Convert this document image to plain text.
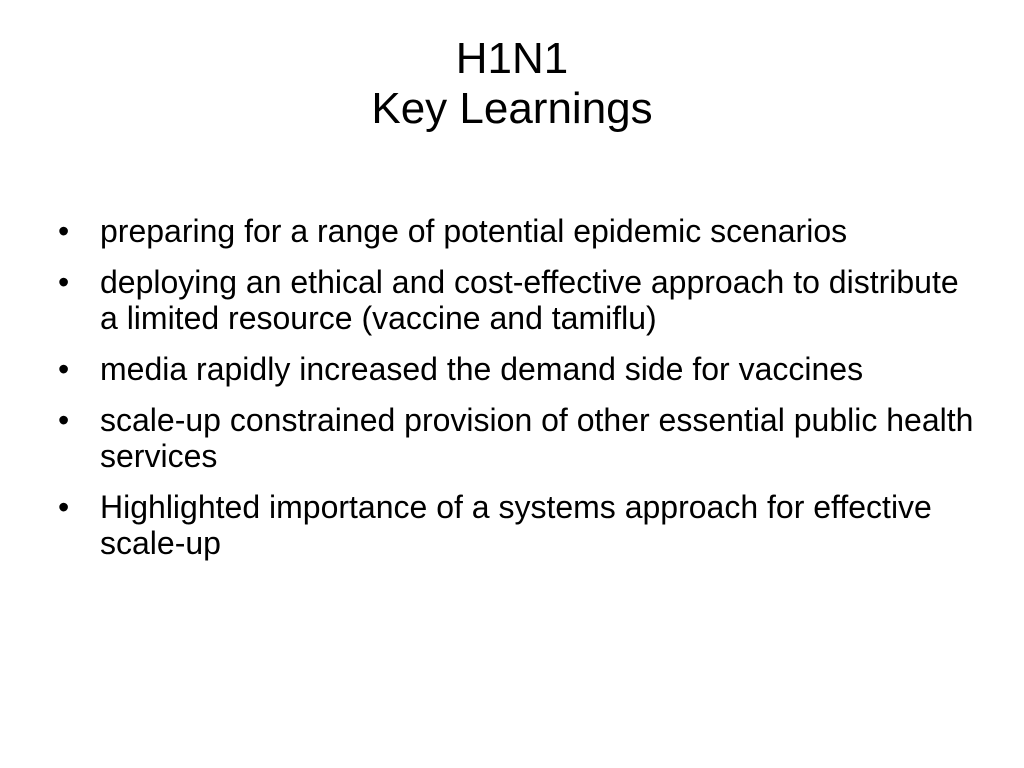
H1N1
Key Learnings
• preparing for a range of potential epidemic scenarios
• deploying an ethical and cost-effective approach to distribute a limited resource (vaccine and tamiflu)
• media rapidly increased the demand side for vaccines
• scale-up constrained provision of other essential public health services
• Highlighted importance of a systems approach for effective scale-up
